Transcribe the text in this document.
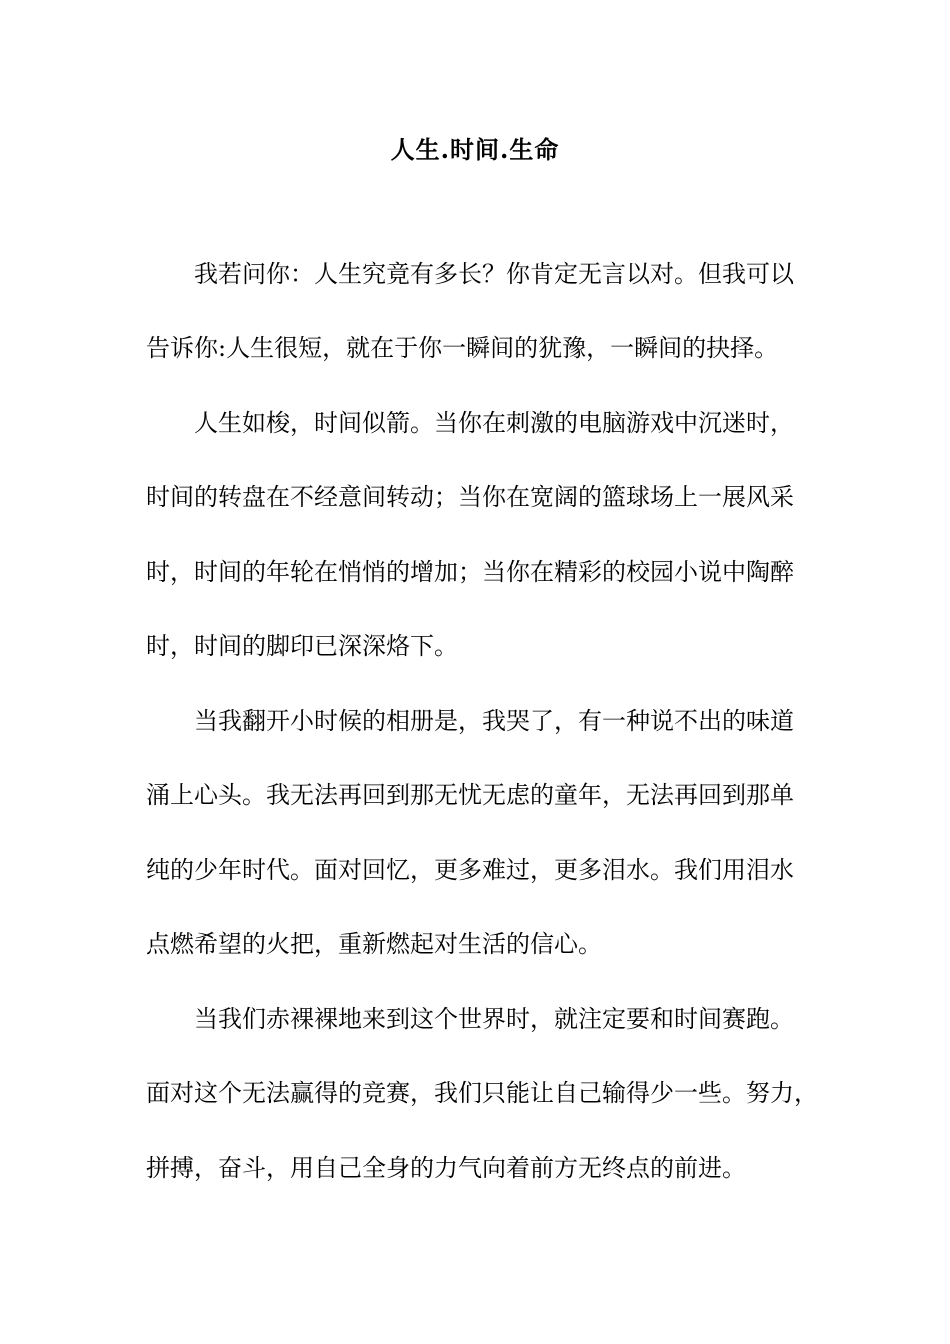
人生.时间.生命
我若问你：人生究竟有多长？你肯定无言以对。但我可以
告诉你:人生很短，就在于你一瞬间的犹豫，一瞬间的抉择。
人生如梭，时间似箭。当你在刺激的电脑游戏中沉迷时，
时间的转盘在不经意间转动；当你在宽阔的篮球场上一展风采
时，时间的年轮在悄悄的增加；当你在精彩的校园小说中陶醉
时，时间的脚印已深深烙下。
当我翻开小时候的相册是，我哭了，有一种说不出的味道
涌上心头。我无法再回到那无忧无虑的童年，无法再回到那单
纯的少年时代。面对回忆，更多难过，更多泪水。我们用泪水
点燃希望的火把，重新燃起对生活的信心。
当我们赤裸裸地来到这个世界时，就注定要和时间赛跑。
面对这个无法赢得的竞赛，我们只能让自己输得少一些。努力，
拼搏，奋斗，用自己全身的力气向着前方无终点的前进。
